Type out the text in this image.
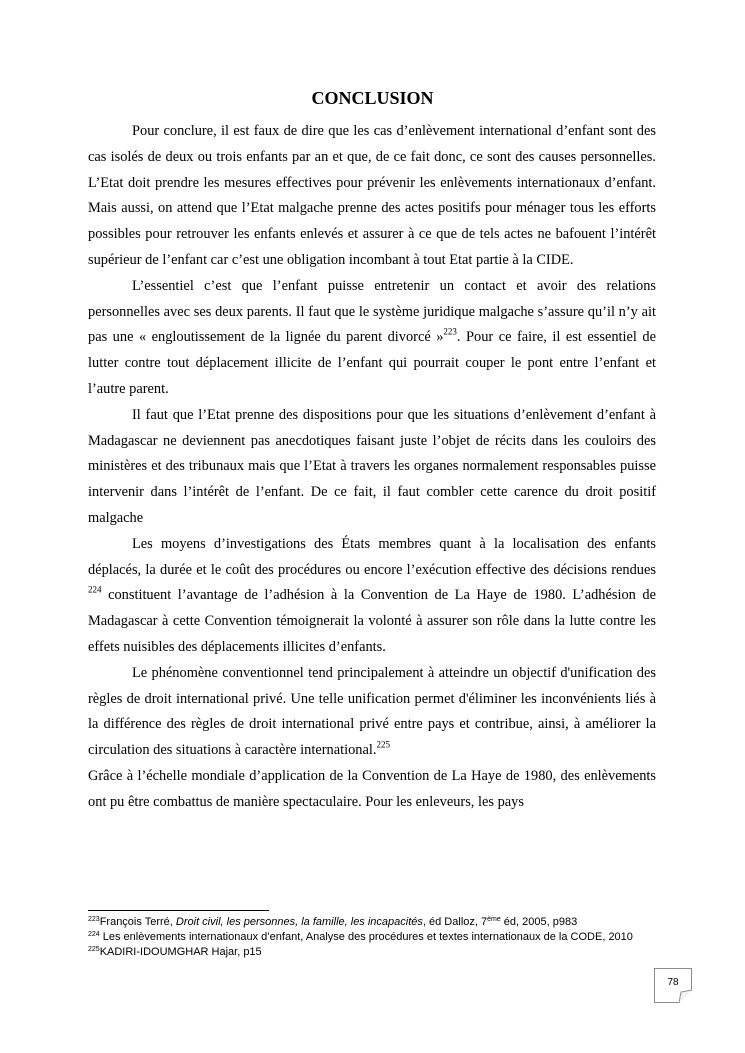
CONCLUSION

Pour conclure, il est faux de dire que les cas d’enlèvement international d’enfant sont des cas isolés de deux ou trois enfants par an et que, de ce fait donc, ce sont des causes personnelles. L’Etat doit prendre les mesures effectives pour prévenir les enlèvements internationaux d’enfant. Mais aussi, on attend que l’Etat malgache prenne des actes positifs pour ménager tous les efforts possibles pour retrouver les enfants enlevés et assurer à ce que de tels actes ne bafouent l’intérêt supérieur de l’enfant car c’est une obligation incombant à tout Etat partie à la CIDE.

L’essentiel c’est que l’enfant puisse entretenir un contact et avoir des relations personnelles avec ses deux parents. Il faut que le système juridique malgache s’assure qu’il n’y ait pas une « engloutissement de la lignée du parent divorcé »$^{223}$. Pour ce faire, il est essentiel de lutter contre tout déplacement illicite de l’enfant qui pourrait couper le pont entre l’enfant et l’autre parent.

Il faut que l’Etat prenne des dispositions pour que les situations d’enlèvement d’enfant à Madagascar ne deviennent pas anecdotiques faisant juste l’objet de récits dans les couloirs des ministères et des tribunaux mais que l’Etat à travers les organes normalement responsables puisse intervenir dans l’intérêt de l’enfant. De ce fait, il faut combler cette carence du droit positif malgache

Les moyens d’investigations des États membres quant à la localisation des enfants déplacés, la durée et le coût des procédures ou encore l’exécution effective des décisions rendues $^{224}$ constituent l’avantage de l’adhésion à la Convention de La Haye de 1980. L’adhésion de Madagascar à cette Convention témoignerait la volonté à assurer son rôle dans la lutte contre les effets nuisibles des déplacements illicites d’enfants.

Le phénomène conventionnel tend principalement à atteindre un objectif d'unification des règles de droit international privé. Une telle unification permet d'éliminer les inconvénients liés à la différence des règles de droit international privé entre pays et contribue, ainsi, à améliorer la circulation des situations à caractère international.$^{225}$

Grâce à l’échelle mondiale d’application de la Convention de La Haye de 1980, des enlèvements ont pu être combattus de manière spectaculaire. Pour les enleveurs, les pays

$^{223}$François Terré, Droit civil, les personnes, la famille, les incapacités, éd Dalloz, 7ème éd, 2005, p983

$^{224}$ Les enlèvements internationaux d’enfant, Analyse des procédures et textes internationaux de la CODE, 2010

$^{225}$KADIRI-IDOUMGHAR Hajar, p15

78
